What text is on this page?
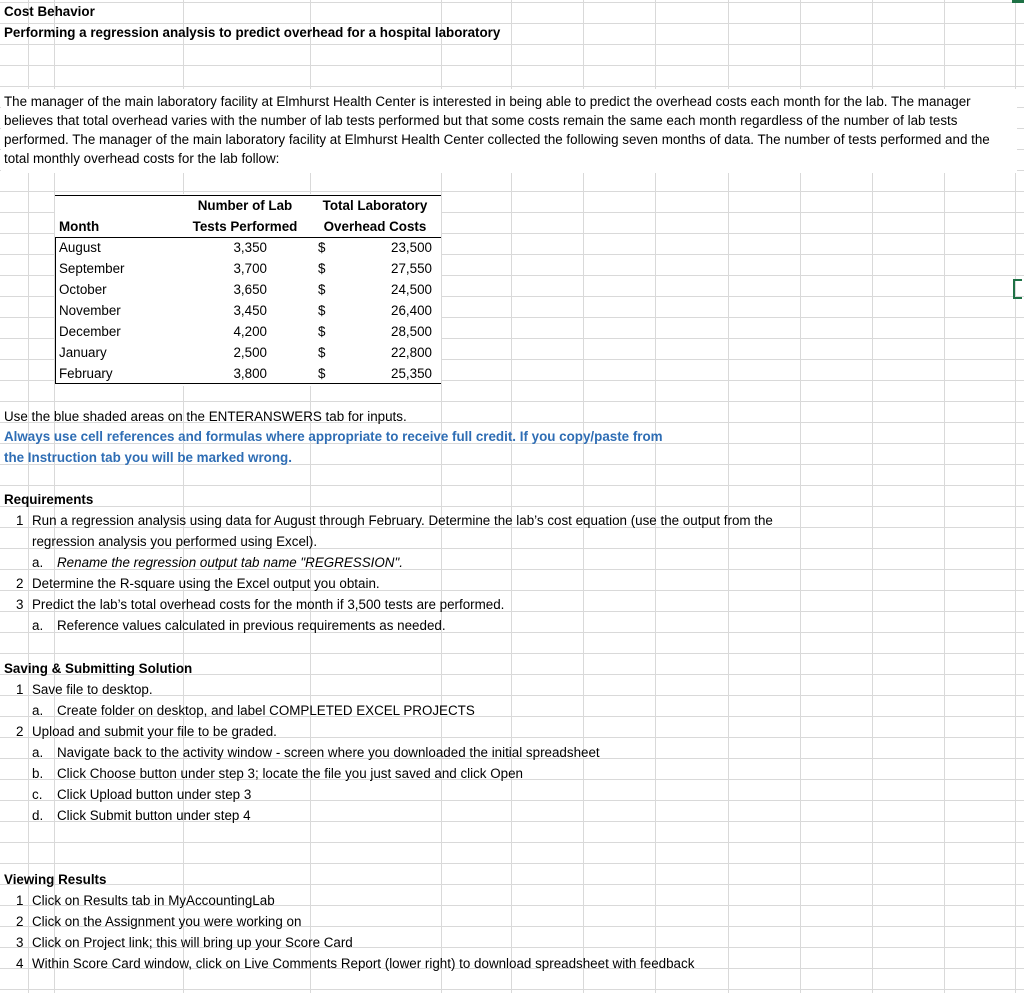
Cost Behavior
Performing a regression analysis to predict overhead for a hospital laboratory
The manager of the main laboratory facility at Elmhurst Health Center is interested in being able to predict the overhead costs each month for the lab. The manager believes that total overhead varies with the number of lab tests performed but that some costs remain the same each month regardless of the number of lab tests performed. The manager of the main laboratory facility at Elmhurst Health Center collected the following seven months of data. The number of tests performed and the total monthly overhead costs for the lab follow:
Number of Lab	Total Laboratory
Month	Tests Performed	Overhead Costs
August	3,350	$	23,500
September	3,700	$	27,550
October	3,650	$	24,500
November	3,450	$	26,400
December	4,200	$	28,500
January	2,500	$	22,800
February	3,800	$	25,350
Use the blue shaded areas on the ENTERANSWERS tab for inputs.
Always use cell references and formulas where appropriate to receive full credit. If you copy/paste from
the Instruction tab you will be marked wrong.
Requirements
1 Run a regression analysis using data for August through February. Determine the lab’s cost equation (use the output from the
regression analysis you performed using Excel).
a. Rename the regression output tab name "REGRESSION".
2 Determine the R-square using the Excel output you obtain.
3 Predict the lab’s total overhead costs for the month if 3,500 tests are performed.
a. Reference values calculated in previous requirements as needed.
Saving & Submitting Solution
1 Save file to desktop.
a. Create folder on desktop, and label COMPLETED EXCEL PROJECTS
2 Upload and submit your file to be graded.
a. Navigate back to the activity window - screen where you downloaded the initial spreadsheet
b. Click Choose button under step 3; locate the file you just saved and click Open
c. Click Upload button under step 3
d. Click Submit button under step 4
Viewing Results
1 Click on Results tab in MyAccountingLab
2 Click on the Assignment you were working on
3 Click on Project link; this will bring up your Score Card
4 Within Score Card window, click on Live Comments Report (lower right) to download spreadsheet with feedback
